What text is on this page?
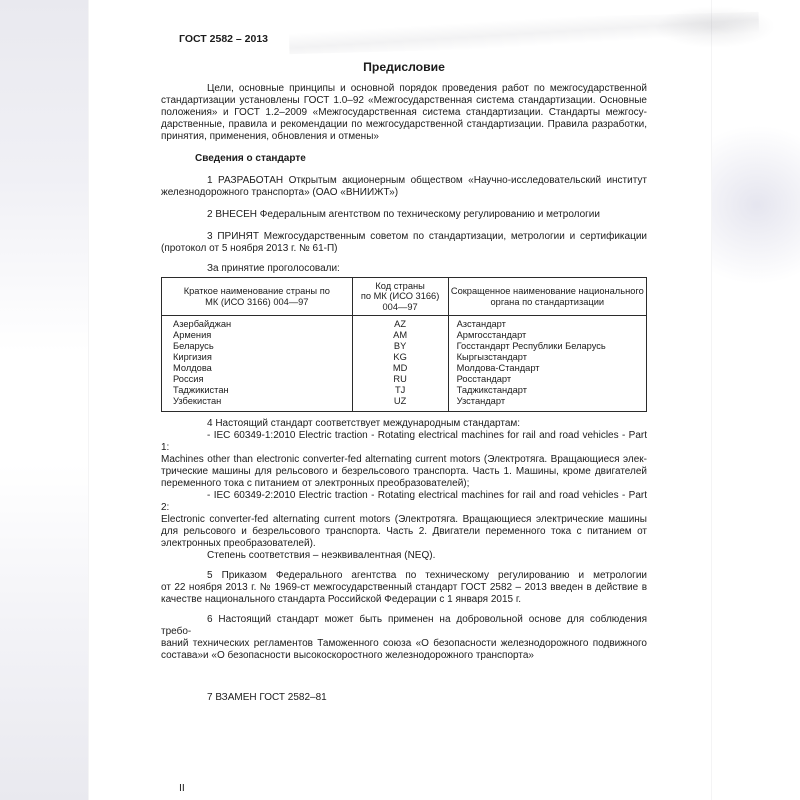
ГОСТ 2582 – 2013
Предисловие
Цели, основные принципы и основной порядок проведения работ по межгосударственной
стандартизации установлены ГОСТ 1.0–92 «Межгосударственная система стандартизации. Основные
положения» и ГОСТ 1.2–2009 «Межгосударственная система стандартизации. Стандарты межгосу-
дарственные, правила и рекомендации по межгосударственной стандартизации. Правила разработки,
принятия, применения, обновления и отмены»
Сведения о стандарте
1 РАЗРАБОТАН Открытым акционерным обществом «Научно-исследовательский институт
железнодорожного транспорта» (ОАО «ВНИИЖТ»)
2 ВНЕСЕН Федеральным агентством по техническому регулированию и метрологии
3 ПРИНЯТ Межгосударственным советом по стандартизации, метрологии и сертификации
(протокол от 5 ноября 2013 г. № 61-П)
За принятие проголосовали:
Краткое наименование страны по
МК (ИСО 3166) 004—97

Код страны
по МК (ИСО 3166)
004—97

Сокращенное наименование национального
органа по стандартизации

Азербайджан	AZ	Азстандарт
Армения	AM	Армгосстандарт
Беларусь	BY	Госстандарт Республики Беларусь
Киргизия	KG	Кыргызстандарт
Молдова	MD	Молдова-Стандарт
Россия	RU	Росстандарт
Таджикистан	TJ	Таджикстандарт
Узбекистан	UZ	Узстандарт
4 Настоящий стандарт соответствует международным стандартам:
- IEC 60349-1:2010 Electric traction - Rotating electrical machines for rail and road vehicles - Part 1:
Machines other than electronic converter-fed alternating current motors (Электротяга. Вращающиеся элек-
трические машины для рельсового и безрельсового транспорта. Часть 1. Машины, кроме двигателей
переменного тока с питанием от электронных преобразователей);
- IEC 60349-2:2010 Electric traction - Rotating electrical machines for rail and road vehicles - Part 2:
Electronic converter-fed alternating current motors (Электротяга. Вращающиеся электрические машины
для рельсового и безрельсового транспорта. Часть 2. Двигатели переменного тока с питанием от
электронных преобразователей).
Степень соответствия – неэквивалентная (NEQ).
5 Приказом Федерального агентства по техническому регулированию и метрологии
от 22 ноября 2013 г. № 1969-ст межгосударственный стандарт ГОСТ 2582 – 2013 введен в действие в
качестве национального стандарта Российской Федерации с 1 января 2015 г.
6 Настоящий стандарт может быть применен на добровольной основе для соблюдения требо-
ваний технических регламентов Таможенного союза «О безопасности железнодорожного подвижного
состава»и «О безопасности высокоскоростного железнодорожного транспорта»
7 ВЗАМЕН ГОСТ 2582–81
II
